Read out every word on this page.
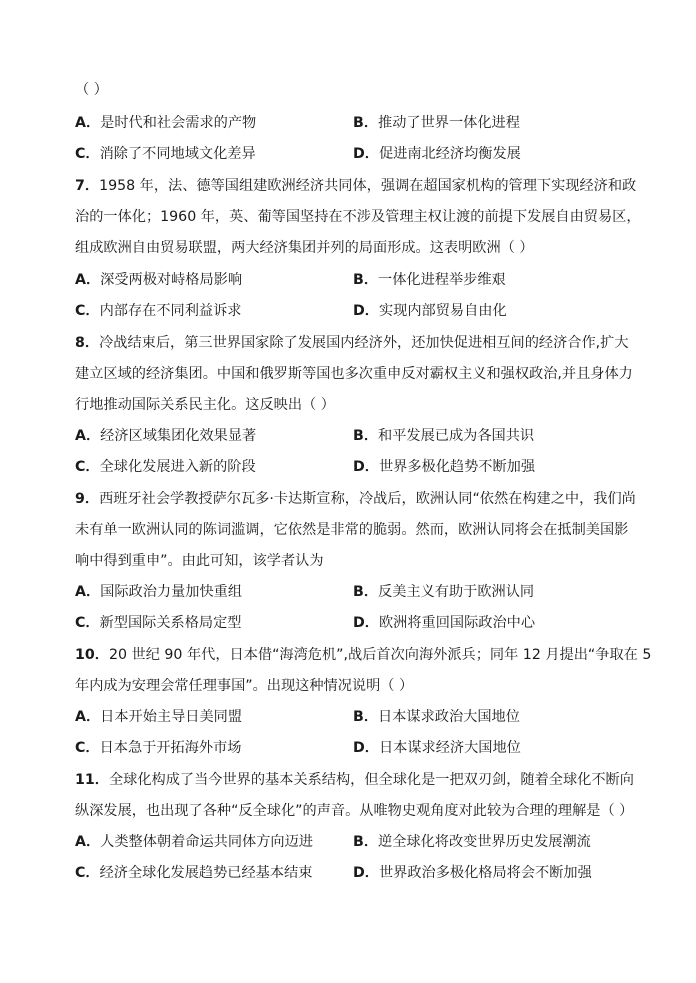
（ ）
A．是时代和社会需求的产物	B．推动了世界一体化进程
C．消除了不同地域文化差异	D．促进南北经济均衡发展
7．1958 年，法、德等国组建欧洲经济共同体，强调在超国家机构的管理下实现经济和政
治的一体化；1960 年，英、葡等国坚持在不涉及管理主权让渡的前提下发展自由贸易区，
组成欧洲自由贸易联盟，两大经济集团并列的局面形成。这表明欧洲（ ）
A．深受两极对峙格局影响	B．一体化进程举步维艰
C．内部存在不同利益诉求	D．实现内部贸易自由化
8．冷战结束后，第三世界国家除了发展国内经济外，还加快促进相互间的经济合作,扩大
建立区域的经济集团。中国和俄罗斯等国也多次重申反对霸权主义和强权政治,并且身体力
行地推动国际关系民主化。这反映出（ ）
A．经济区域集团化效果显著	B．和平发展已成为各国共识
C．全球化发展进入新的阶段	D．世界多极化趋势不断加强
9．西班牙社会学教授萨尔瓦多·卡达斯宣称，冷战后，欧洲认同“依然在构建之中，我们尚
未有单一欧洲认同的陈词滥调，它依然是非常的脆弱。然而，欧洲认同将会在抵制美国影
响中得到重申”。由此可知，该学者认为
A．国际政治力量加快重组	B．反美主义有助于欧洲认同
C．新型国际关系格局定型	D．欧洲将重回国际政治中心
10．20 世纪 90 年代，日本借“海湾危机”,战后首次向海外派兵；同年 12 月提出“争取在 5
年内成为安理会常任理事国”。出现这种情况说明（ ）
A．日本开始主导日美同盟	B．日本谋求政治大国地位
C．日本急于开拓海外市场	D．日本谋求经济大国地位
11．全球化构成了当今世界的基本关系结构，但全球化是一把双刃剑，随着全球化不断向
纵深发展，也出现了各种“反全球化”的声音。从唯物史观角度对此较为合理的理解是（ ）
A．人类整体朝着命运共同体方向迈进	B．逆全球化将改变世界历史发展潮流
C．经济全球化发展趋势已经基本结束	D．世界政治多极化格局将会不断加强
